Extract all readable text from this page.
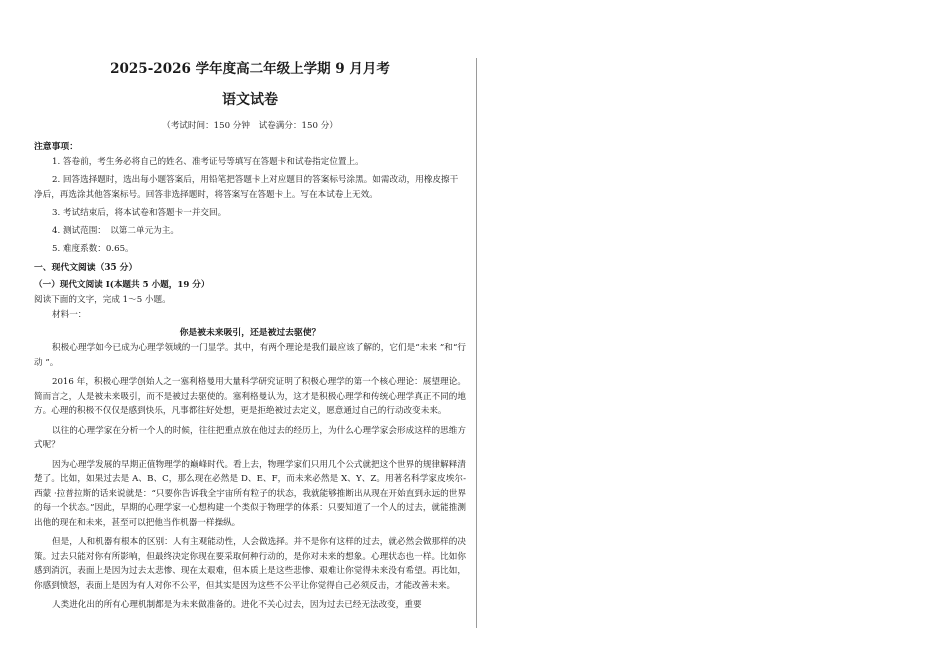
2025-2026 学年度高二年级上学期 9 月月考

语文试卷

（考试时间：150 分钟　试卷满分：150 分）

注意事项：

1. 答卷前，考生务必将自己的姓名、准考证号等填写在答题卡和试卷指定位置上。

2. 回答选择题时，选出每小题答案后，用铅笔把答题卡上对应题目的答案标号涂黑。如需改动，用橡皮擦干净后，再选涂其他答案标号。回答非选择题时，将答案写在答题卡上。写在本试卷上无效。

3. 考试结束后，将本试卷和答题卡一并交回。

4. 测试范围：　以第二单元为主。

5. 难度系数：0.65。

一、现代文阅读（35 分）

（一）现代文阅读 I(本题共 5 小题，19 分）

阅读下面的文字，完成 1～5 小题。

材料一：

你是被未来吸引，还是被过去驱使？

积极心理学如今已成为心理学领域的一门显学。其中，有两个理论是我们最应该了解的，它们是“未来 ”和“行动 ”。

2016 年，积极心理学创始人之一塞利格曼用大量科学研究证明了积极心理学的第一个核心理论：展望理论。简而言之，人是被未来吸引，而不是被过去驱使的。塞利格曼认为，这才是积极心理学和传统心理学真正不同的地方。心理的积极不仅仅是感到快乐，凡事都往好处想，更是拒绝被过去定义，愿意通过自己的行动改变未来。

以往的心理学家在分析一个人的时候，往往把重点放在他过去的经历上，为什么心理学家会形成这样的思维方式呢？

因为心理学发展的早期正值物理学的巅峰时代。看上去，物理学家们只用几个公式就把这个世界的规律解释清楚了。比如，如果过去是 A、B、C，那么现在必然是 D、E、F，而未来必然是 X、Y、Z。用著名科学家皮埃尔-西蒙 ·拉普拉斯的话来说就是：“只要你告诉我全宇宙所有粒子的状态，我就能够推断出从现在开始直到永远的世界的每一个状态。”因此，早期的心理学家一心想构建一个类似于物理学的体系：只要知道了一个人的过去，就能推测出他的现在和未来，甚至可以把他当作机器一样操纵。

但是，人和机器有根本的区别：人有主观能动性，人会做选择。并不是你有这样的过去，就必然会做那样的决策。过去只能对你有所影响，但最终决定你现在要采取何种行动的，是你对未来的想象。心理状态也一样。比如你感到消沉，表面上是因为过去太悲惨、现在太艰难，但本质上是这些悲惨、艰难让你觉得未来没有希望。再比如，你感到愤怒，表面上是因为有人对你不公平，但其实是因为这些不公平让你觉得自己必须反击，才能改善未来。

人类进化出的所有心理机制都是为未来做准备的。进化不关心过去，因为过去已经无法改变，重要
